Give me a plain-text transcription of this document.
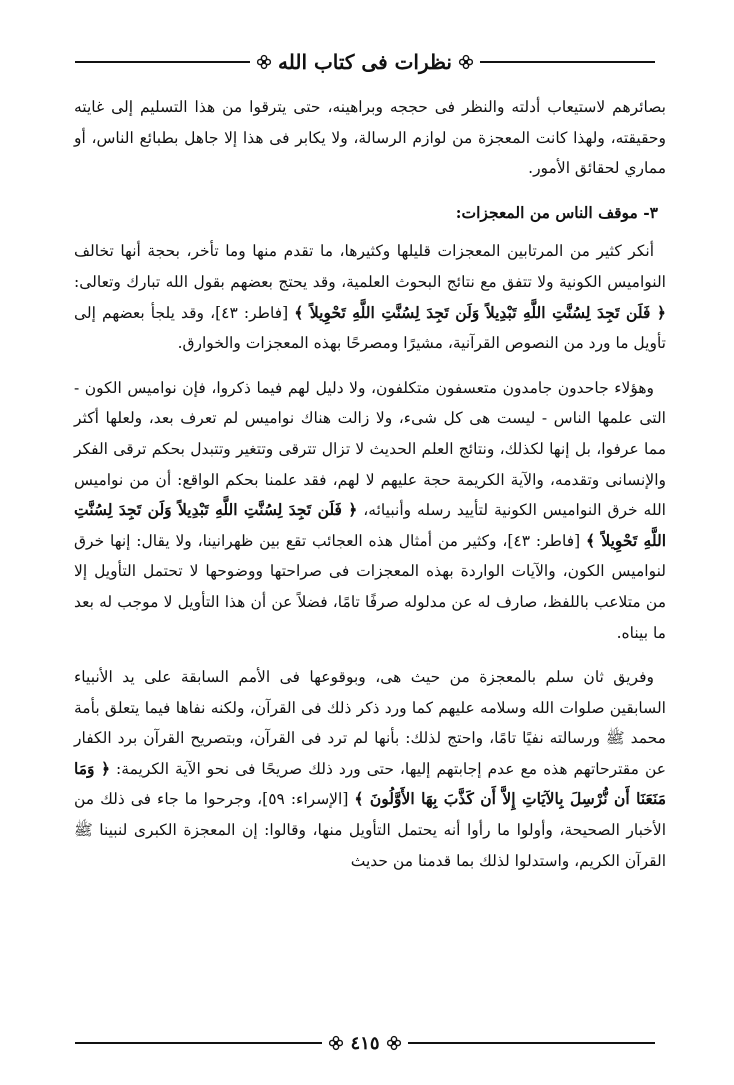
نظرات فى كتاب الله

بصائرهم لاستيعاب أدلته والنظر فى حججه وبراهينه، حتى يترقوا من هذا التسليم إلى غايته وحقيقته، ولهذا كانت المعجزة من لوازم الرسالة، ولا يكابر فى هذا إلا جاهل بطبائع الناس، أو مماري لحقائق الأمور.

٣- موقف الناس من المعجزات:

أنكر كثير من المرتابين المعجزات قليلها وكثيرها، ما تقدم منها وما تأخر، بحجة أنها تخالف النواميس الكونية ولا تتفق مع نتائج البحوث العلمية، وقد يحتج بعضهم بقول الله تبارك وتعالى: ﴿ فَلَن تَجِدَ لِسُنَّتِ اللَّهِ تَبْدِيلاً وَلَن تَجِدَ لِسُنَّتِ اللَّهِ تَحْوِيلاً ﴾ [فاطر: ٤٣]، وقد يلجأ بعضهم إلى تأويل ما ورد من النصوص القرآنية، مشيرًا ومصرحًا بهذه المعجزات والخوارق.

وهؤلاء جاحدون جامدون متعسفون متكلفون، ولا دليل لهم فيما ذكروا، فإن نواميس الكون - التى علمها الناس - ليست هى كل شىء، ولا زالت هناك نواميس لم تعرف بعد، ولعلها أكثر مما عرفوا، بل إنها لكذلك، ونتائج العلم الحديث لا تزال تترقى وتتغير وتتبدل بحكم ترقى الفكر والإنسانى وتقدمه، والآية الكريمة حجة عليهم لا لهم، فقد علمنا بحكم الواقع: أن من نواميس الله خرق النواميس الكونية لتأييد رسله وأنبيائه، ﴿ فَلَن تَجِدَ لِسُنَّتِ اللَّهِ تَبْدِيلاً وَلَن تَجِدَ لِسُنَّتِ اللَّهِ تَحْوِيلاً ﴾ [فاطر: ٤٣]، وكثير من أمثال هذه العجائب تقع بين ظهرانينا، ولا يقال: إنها خرق لنواميس الكون، والآيات الواردة بهذه المعجزات فى صراحتها ووضوحها لا تحتمل التأويل إلا من متلاعب باللفظ، صارف له عن مدلوله صرفًا تامًا، فضلاً عن أن هذا التأويل لا موجب له بعد ما بيناه.

وفريق ثان سلم بالمعجزة من حيث هى، وبوقوعها فى الأمم السابقة على يد الأنبياء السابقين صلوات الله وسلامه عليهم كما ورد ذكر ذلك فى القرآن، ولكنه نفاها فيما يتعلق بأمة محمد ﷺ ورسالته نفيًا تامًا، واحتج لذلك: بأنها لم ترد فى القرآن، وبتصريح القرآن برد الكفار عن مقترحاتهم هذه مع عدم إجابتهم إليها، حتى ورد ذلك صريحًا فى نحو الآية الكريمة: ﴿ وَمَا مَنَعَنَا أَن نُّرْسِلَ بِالآيَاتِ إِلاَّ أَن كَذَّبَ بِهَا الأَوَّلُونَ ﴾ [الإسراء: ٥٩]، وجرحوا ما جاء فى ذلك من الأخبار الصحيحة، وأولوا ما رأوا أنه يحتمل التأويل منها، وقالوا: إن المعجزة الكبرى لنبينا ﷺ القرآن الكريم، واستدلوا لذلك بما قدمنا من حديث

٤١٥
